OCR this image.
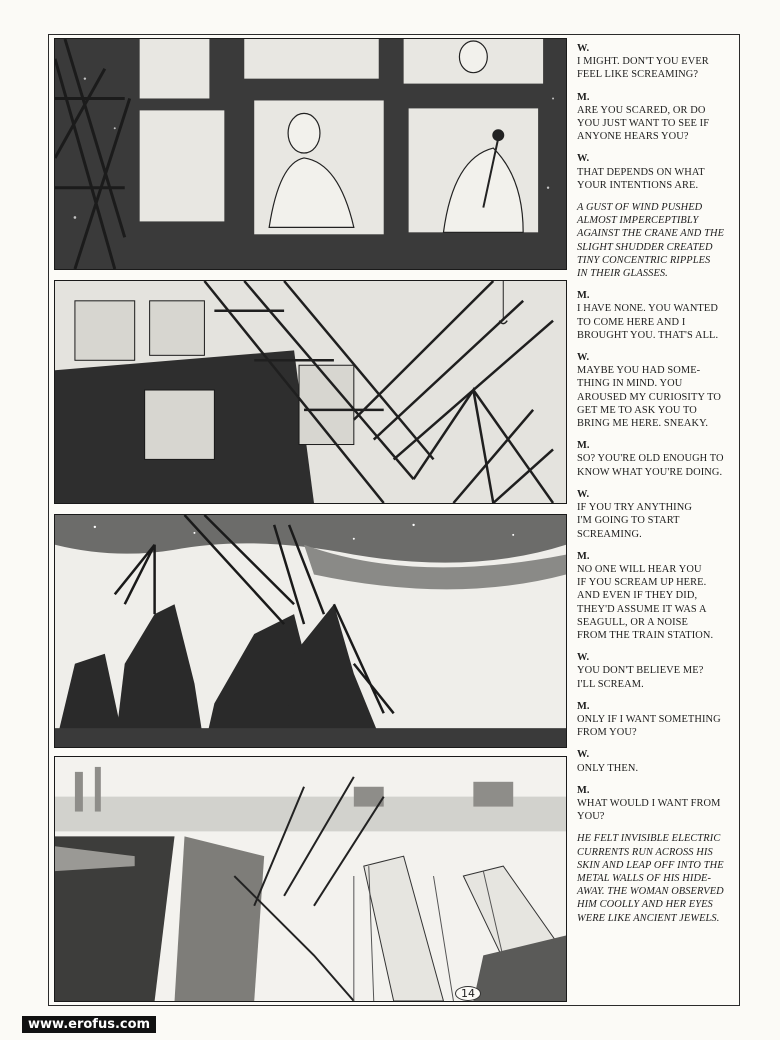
W.
I MIGHT. DON'T YOU EVER
FEEL LIKE SCREAMING?
M.
ARE YOU SCARED, OR DO
YOU JUST WANT TO SEE IF
ANYONE HEARS YOU?
W.
THAT DEPENDS ON WHAT
YOUR INTENTIONS ARE.
A GUST OF WIND PUSHED
ALMOST IMPERCEPTIBLY
AGAINST THE CRANE AND THE
SLIGHT SHUDDER CREATED
TINY CONCENTRIC RIPPLES
IN THEIR GLASSES.
M.
I HAVE NONE. YOU WANTED
TO COME HERE AND I
BROUGHT YOU. THAT'S ALL.
W.
MAYBE YOU HAD SOME-
THING IN MIND. YOU
AROUSED MY CURIOSITY TO
GET ME TO ASK YOU TO
BRING ME HERE. SNEAKY.
M.
SO? YOU'RE OLD ENOUGH TO
KNOW WHAT YOU'RE DOING.
W.
IF YOU TRY ANYTHING
I'M GOING TO START
SCREAMING.
M.
NO ONE WILL HEAR YOU
IF YOU SCREAM UP HERE.
AND EVEN IF THEY DID,
THEY'D ASSUME IT WAS A
SEAGULL, OR A NOISE
FROM THE TRAIN STATION.
W.
YOU DON'T BELIEVE ME?
I'LL SCREAM.
M.
ONLY IF I WANT SOMETHING
FROM YOU?
W.
ONLY THEN.
M.
WHAT WOULD I WANT FROM
YOU?
HE FELT INVISIBLE ELECTRIC
CURRENTS RUN ACROSS HIS
SKIN AND LEAP OFF INTO THE
METAL WALLS OF HIS HIDE-
AWAY. THE WOMAN OBSERVED
HIM COOLLY AND HER EYES
WERE LIKE ANCIENT JEWELS.
14
www.erofus.com
